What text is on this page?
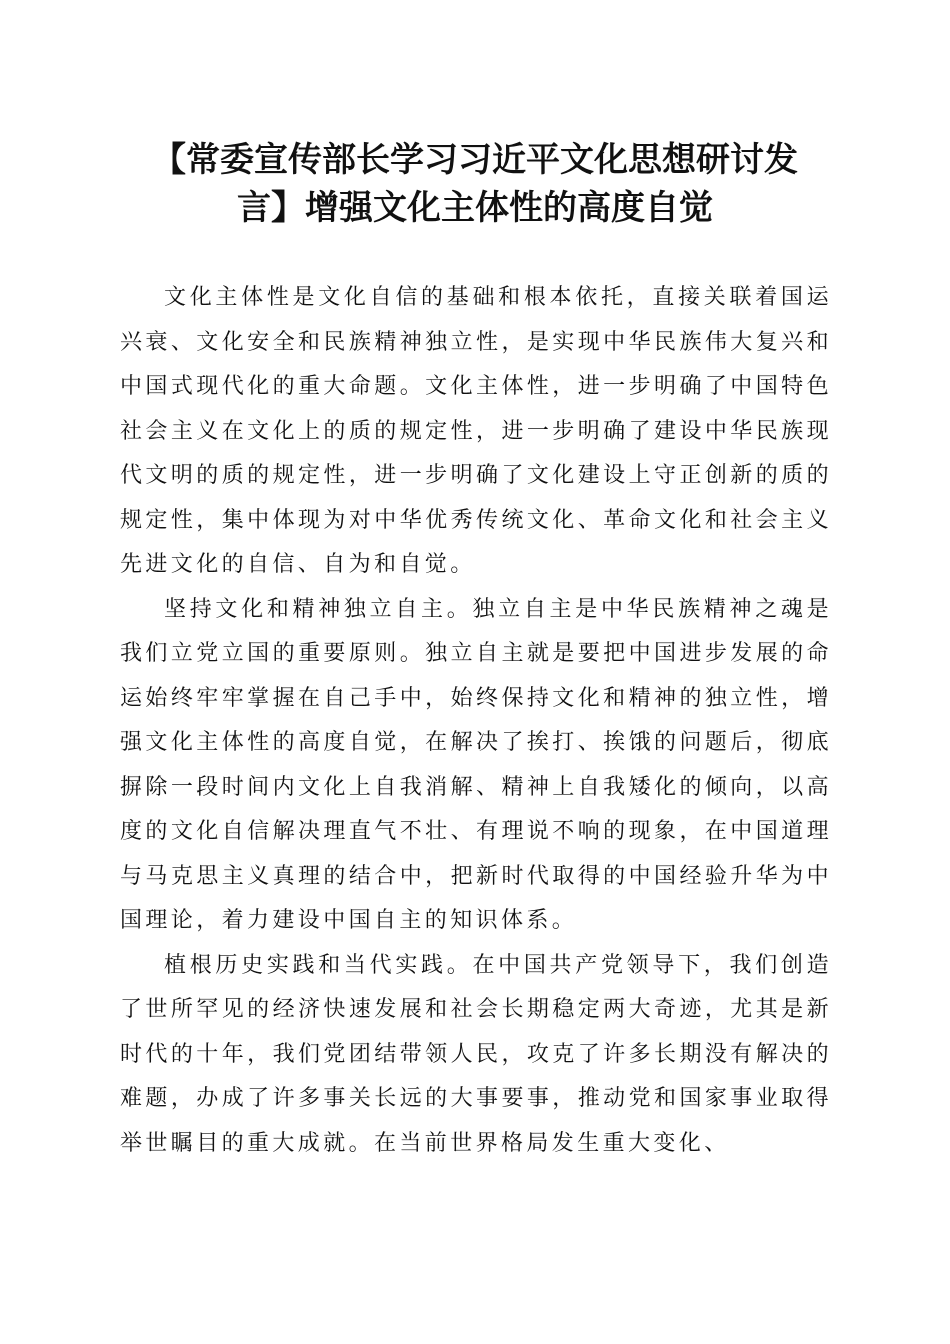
【常委宣传部长学习习近平文化思想研讨发
言】增强文化主体性的高度自觉

文化主体性是文化自信的基础和根本依托，直接关联着国运兴衰、文化安全和民族精神独立性，是实现中华民族伟大复兴和中国式现代化的重大命题。文化主体性，进一步明确了中国特色社会主义在文化上的质的规定性，进一步明确了建设中华民族现代文明的质的规定性，进一步明确了文化建设上守正创新的质的规定性，集中体现为对中华优秀传统文化、革命文化和社会主义先进文化的自信、自为和自觉。

坚持文化和精神独立自主。独立自主是中华民族精神之魂是我们立党立国的重要原则。独立自主就是要把中国进步发展的命运始终牢牢掌握在自己手中，始终保持文化和精神的独立性，增强文化主体性的高度自觉，在解决了挨打、挨饿的问题后，彻底摒除一段时间内文化上自我消解、精神上自我矮化的倾向，以高度的文化自信解决理直气不壮、有理说不响的现象，在中国道理与马克思主义真理的结合中，把新时代取得的中国经验升华为中国理论，着力建设中国自主的知识体系。

植根历史实践和当代实践。在中国共产党领导下，我们创造了世所罕见的经济快速发展和社会长期稳定两大奇迹，尤其是新时代的十年，我们党团结带领人民，攻克了许多长期没有解决的难题，办成了许多事关长远的大事要事，推动党和国家事业取得举世瞩目的重大成就。在当前世界格局发生重大变化、
